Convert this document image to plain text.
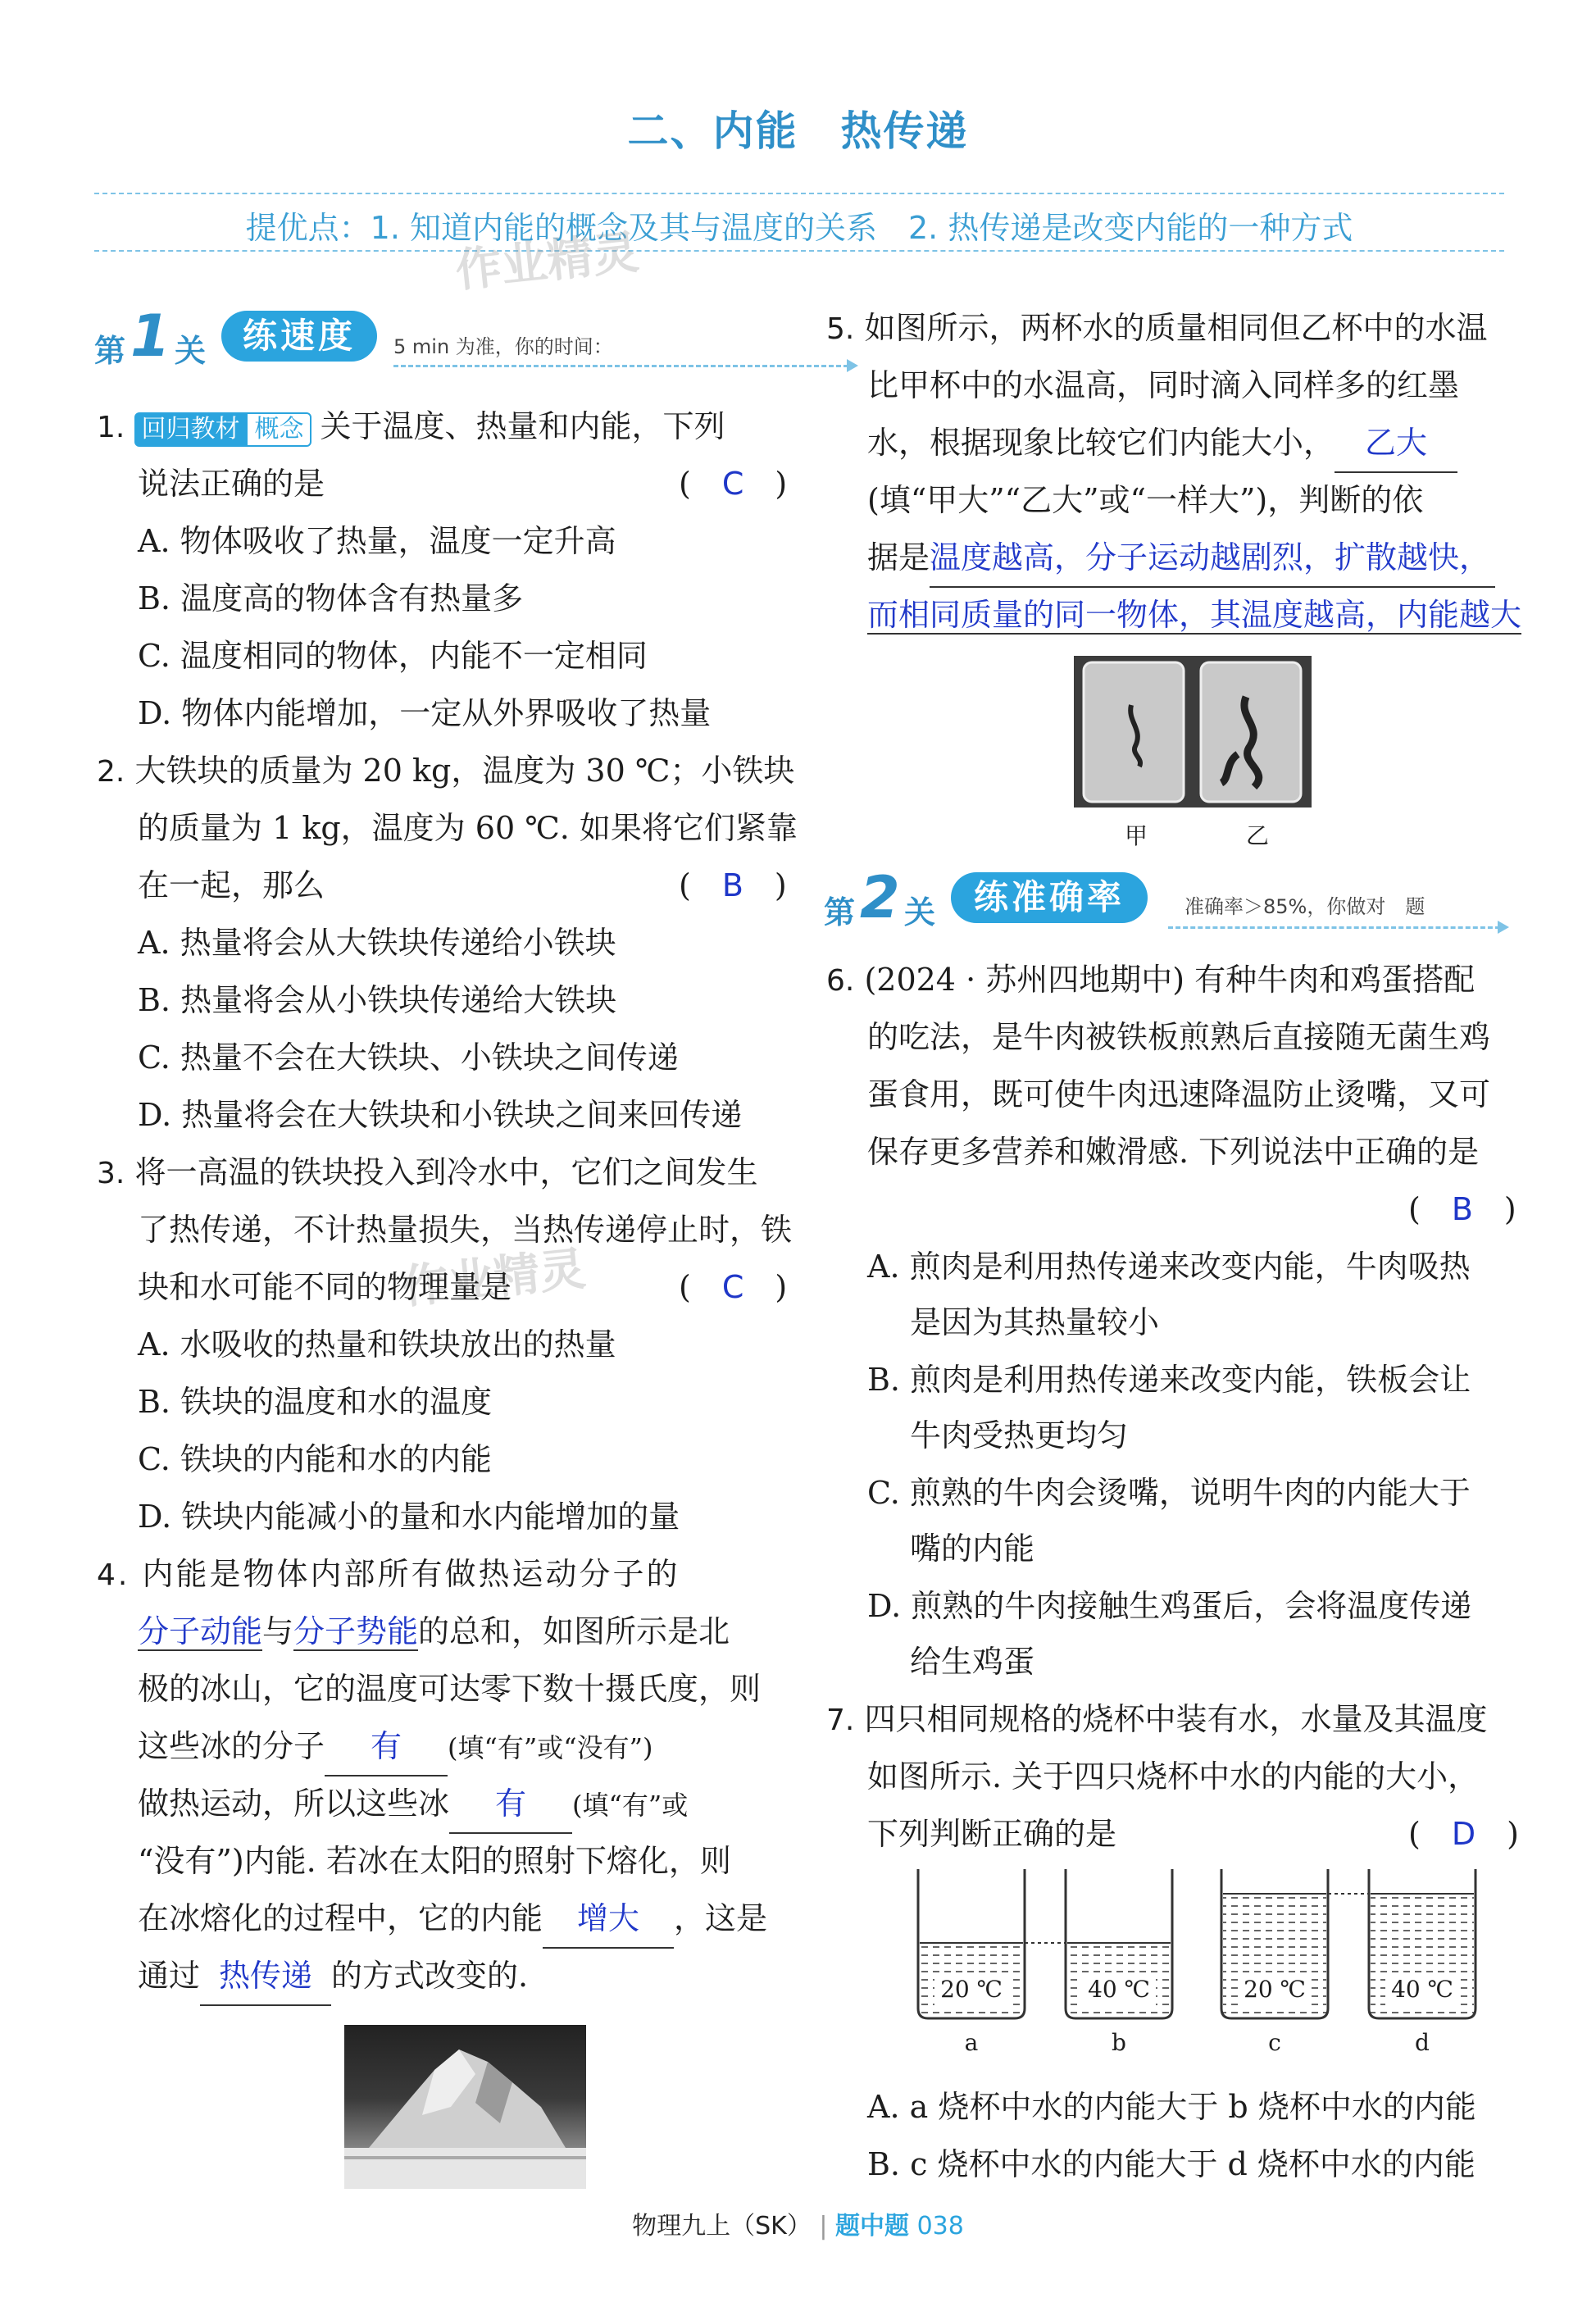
二、内能　热传递
提优点：1. 知道内能的概念及其与温度的关系　2. 热传递是改变内能的一种方式
作业精灵
作业精灵
第 1 关	练速度	5 min 为准，你的时间：
第 2 关	练准确率	准确率＞85%，你做对　题
1. 回归教材 概念 关于温度、热量和内能，下列
说法正确的是	(　C　)
A. 物体吸收了热量，温度一定升高
B. 温度高的物体含有热量多
C. 温度相同的物体，内能不一定相同
D. 物体内能增加，一定从外界吸收了热量
2. 大铁块的质量为 20 kg，温度为 30 ℃；小铁块
的质量为 1 kg，温度为 60 ℃. 如果将它们紧靠
在一起，那么	(　B　)
A. 热量将会从大铁块传递给小铁块
B. 热量将会从小铁块传递给大铁块
C. 热量不会在大铁块、小铁块之间传递
D. 热量将会在大铁块和小铁块之间来回传递
3. 将一高温的铁块投入到冷水中，它们之间发生
了热传递，不计热量损失，当热传递停止时，铁
块和水可能不同的物理量是	(　C　)
A. 水吸收的热量和铁块放出的热量
B. 铁块的温度和水的温度
C. 铁块的内能和水的内能
D. 铁块内能减小的量和水内能增加的量
4. 内能是物体内部所有做热运动分子的
分子动能与分子势能的总和，如图所示是北
极的冰山，它的温度可达零下数十摄氏度，则
这些冰的分子 有 (填“有”或“没有”)
做热运动，所以这些冰 有 (填“有”或
“没有”)内能. 若冰在太阳的照射下熔化，则
在冰熔化的过程中，它的内能 增大 ，这是
通过 热传递 的方式改变的.
5. 如图所示，两杯水的质量相同但乙杯中的水温
比甲杯中的水温高，同时滴入同样多的红墨
水，根据现象比较它们内能大小， 乙大
(填“甲大”“乙大”或“一样大”)，判断的依
据是温度越高，分子运动越剧烈，扩散越快，
而相同质量的同一物体，其温度越高，内能越大
甲	乙
6. (2024 · 苏州四地期中) 有种牛肉和鸡蛋搭配
的吃法，是牛肉被铁板煎熟后直接随无菌生鸡
蛋食用，既可使牛肉迅速降温防止烫嘴，又可
保存更多营养和嫩滑感. 下列说法中正确的是
(　B　)
A. 煎肉是利用热传递来改变内能，牛肉吸热
是因为其热量较小
B. 煎肉是利用热传递来改变内能，铁板会让
牛肉受热更均匀
C. 煎熟的牛肉会烫嘴，说明牛肉的内能大于
嘴的内能
D. 煎熟的牛肉接触生鸡蛋后，会将温度传递
给生鸡蛋
7. 四只相同规格的烧杯中装有水，水量及其温度
如图所示. 关于四只烧杯中水的内能的大小，
下列判断正确的是	(　D　)
20 ℃	40 ℃	20 ℃	40 ℃
a	b	c	d
A. a 烧杯中水的内能大于 b 烧杯中水的内能
B. c 烧杯中水的内能大于 d 烧杯中水的内能
物理九上（SK） | 题中题 038
